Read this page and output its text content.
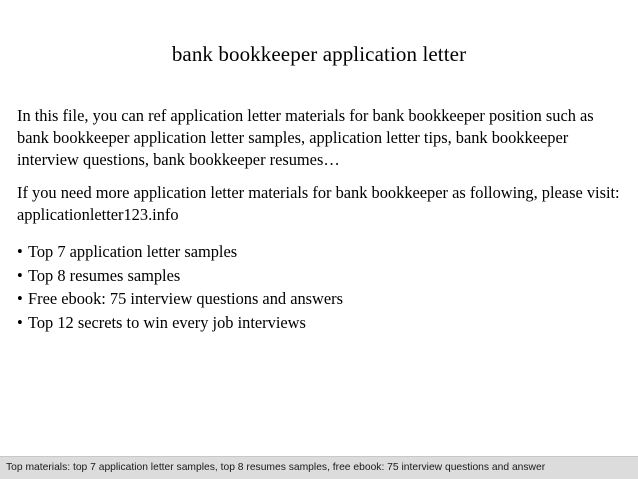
bank bookkeeper application letter
In this file, you can ref application letter materials for bank bookkeeper position such as bank bookkeeper application letter samples, application letter tips, bank bookkeeper interview questions, bank bookkeeper resumes…
If you need more application letter materials for bank bookkeeper as following, please visit: applicationletter123.info
• Top 7 application letter samples
• Top 8 resumes samples
• Free ebook: 75 interview questions and answers
• Top 12 secrets to win every job interviews
Top materials: top 7 application letter samples, top 8 resumes samples, free ebook: 75 interview questions and answer
